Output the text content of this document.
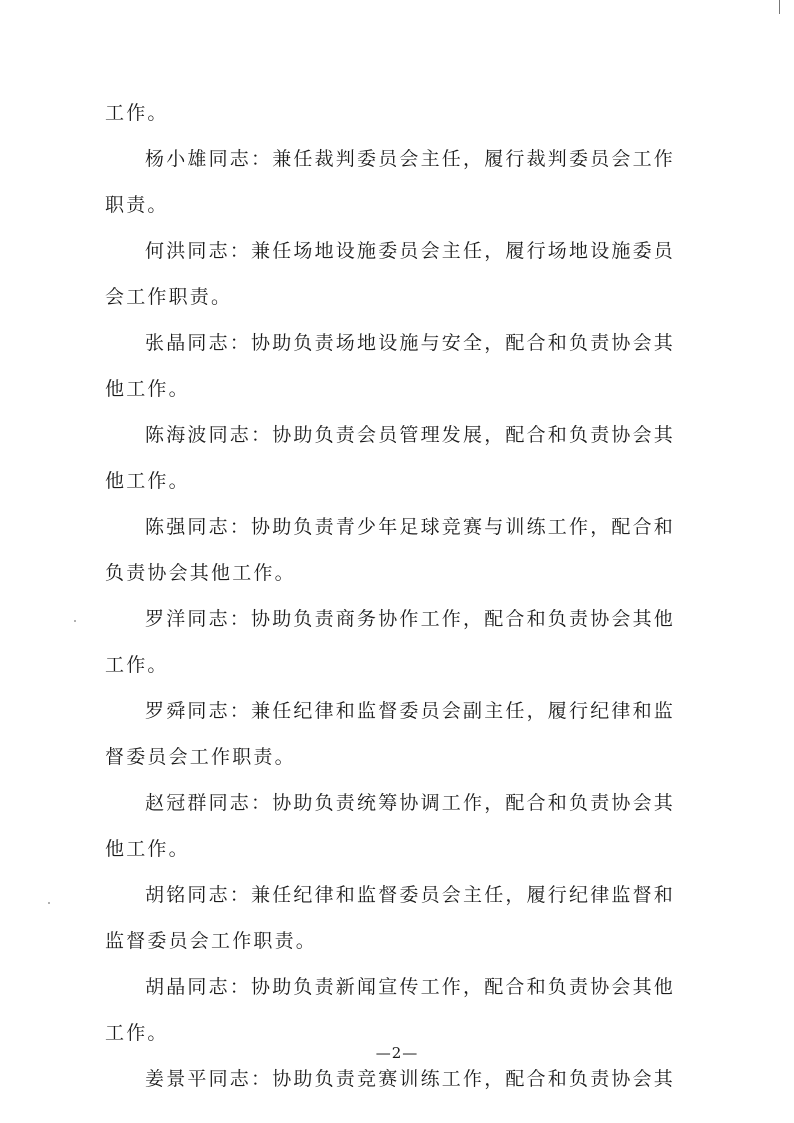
工作。
杨小雄同志：兼任裁判委员会主任，履行裁判委员会工作
职责。
何洪同志：兼任场地设施委员会主任，履行场地设施委员
会工作职责。
张晶同志：协助负责场地设施与安全，配合和负责协会其
他工作。
陈海波同志：协助负责会员管理发展，配合和负责协会其
他工作。
陈强同志：协助负责青少年足球竞赛与训练工作，配合和
负责协会其他工作。
罗洋同志：协助负责商务协作工作，配合和负责协会其他
工作。
罗舜同志：兼任纪律和监督委员会副主任，履行纪律和监
督委员会工作职责。
赵冠群同志：协助负责统筹协调工作，配合和负责协会其
他工作。
胡铭同志：兼任纪律和监督委员会主任，履行纪律监督和
监督委员会工作职责。
胡晶同志：协助负责新闻宣传工作，配合和负责协会其他
工作。
姜景平同志：协助负责竞赛训练工作，配合和负责协会其
—2—
